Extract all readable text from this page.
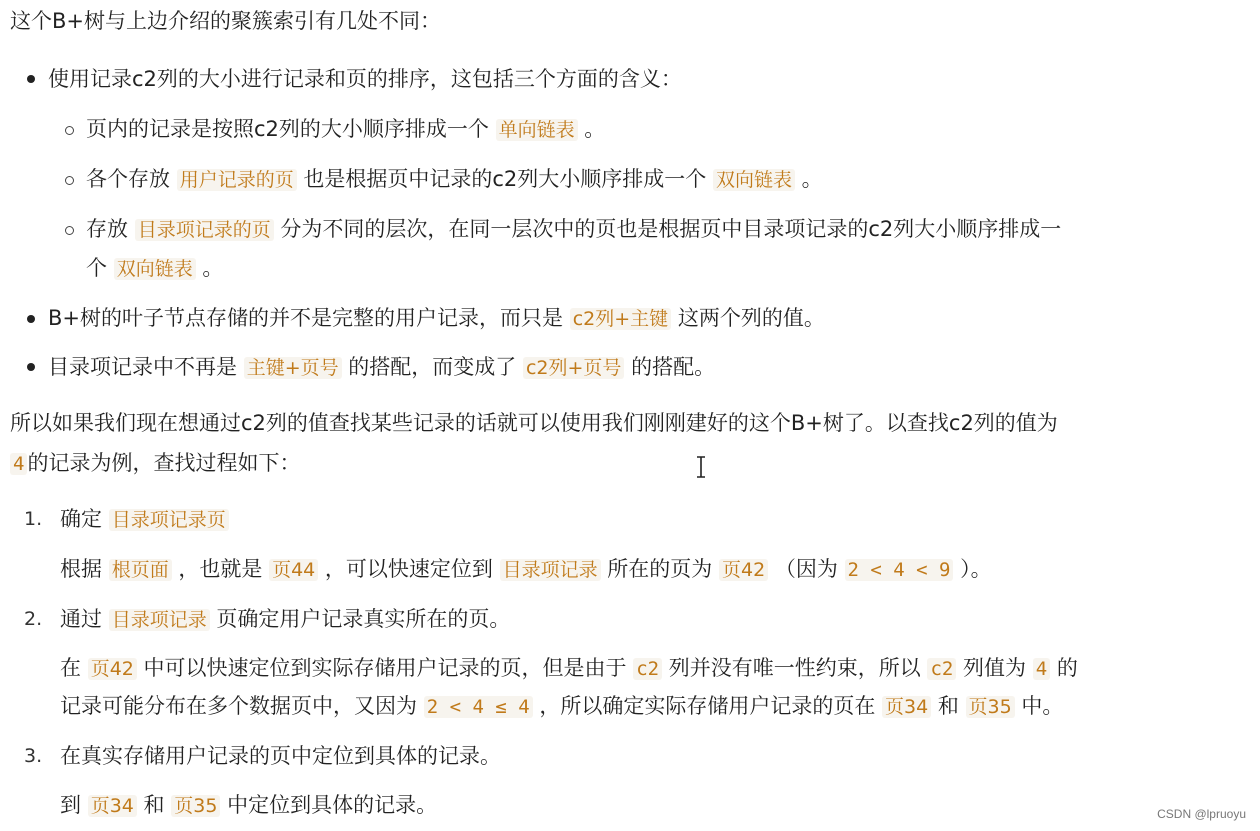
这个B+树与上边介绍的聚簇索引有几处不同：
使用记录c2列的大小进行记录和页的排序，这包括三个方面的含义：
页内的记录是按照c2列的大小顺序排成一个 单向链表 。
各个存放 用户记录的页 也是根据页中记录的c2列大小顺序排成一个 双向链表 。
存放 目录项记录的页 分为不同的层次，在同一层次中的页也是根据页中目录项记录的c2列大小顺序排成一
个 双向链表 。
B+树的叶子节点存储的并不是完整的用户记录，而只是 c2列+主键 这两个列的值。
目录项记录中不再是 主键+页号 的搭配，而变成了 c2列+页号 的搭配。
所以如果我们现在想通过c2列的值查找某些记录的话就可以使用我们刚刚建好的这个B+树了。以查找c2列的值为
4 的记录为例，查找过程如下：
1. 确定 目录项记录页
根据 根页面 ，也就是 页44 ，可以快速定位到 目录项记录 所在的页为 页42 （因为 2 < 4 < 9 ）。
2. 通过 目录项记录 页确定用户记录真实所在的页。
在 页42 中可以快速定位到实际存储用户记录的页，但是由于 c2 列并没有唯一性约束，所以 c2 列值为 4 的
记录可能分布在多个数据页中，又因为 2 < 4 ≤ 4 ，所以确定实际存储用户记录的页在 页34 和 页35 中。
3. 在真实存储用户记录的页中定位到具体的记录。
到 页34 和 页35 中定位到具体的记录。	CSDN @lpruoyu
